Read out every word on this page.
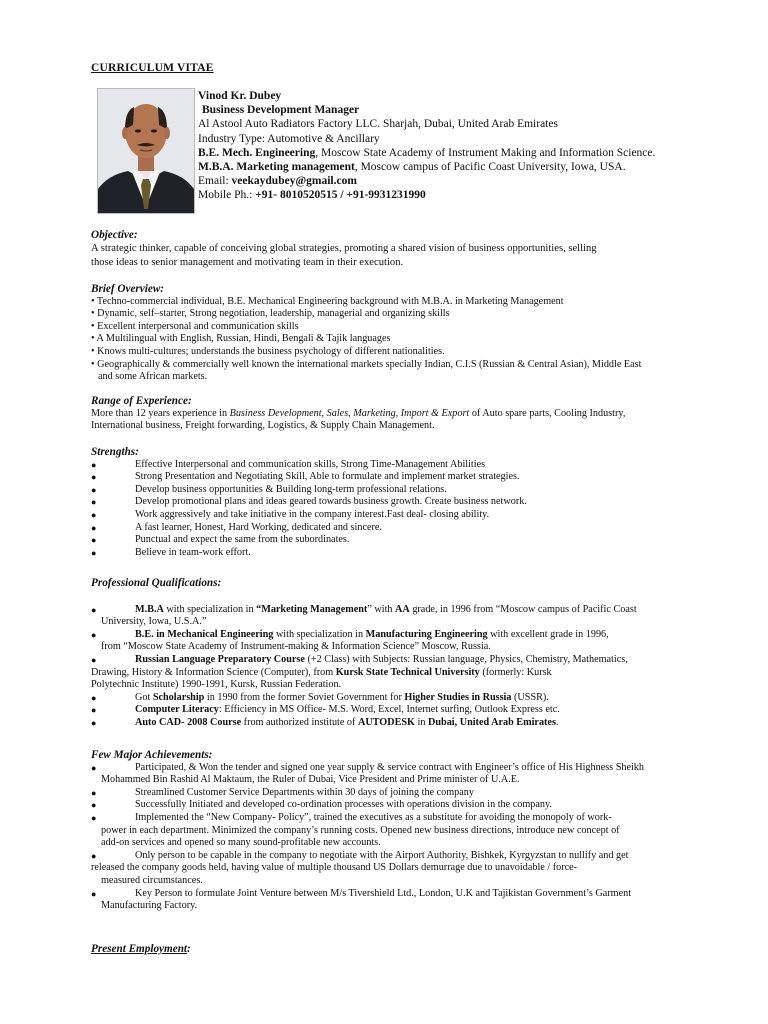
CURRICULUM VITAE
Vinod Kr. Dubey
Business Development Manager
Al Astool Auto Radiators Factory LLC. Sharjah, Dubai, United Arab Emirates
Industry Type: Automotive & Ancillary
B.E. Mech. Engineering, Moscow State Academy of Instrument Making and Information Science.
M.B.A. Marketing management, Moscow campus of Pacific Coast University, Iowa, USA.
Email: veekaydubey@gmail.com
Mobile Ph.: +91- 8010520515 / +91-9931231990
Objective:
A strategic thinker, capable of conceiving global strategies, promoting a shared vision of business opportunities, selling
those ideas to senior management and motivating team in their execution.
Brief Overview:
• Techno-commercial individual, B.E. Mechanical Engineering background with M.B.A. in Marketing Management
• Dynamic, self–starter, Strong negotiation, leadership, managerial and organizing skills
• Excellent interpersonal and communication skills
• A Multilingual with English, Russian, Hindi, Bengali & Tajik languages
• Knows multi-cultures; understands the business psychology of different nationalities.
• Geographically & commercially well known the international markets specially Indian, C.I.S (Russian & Central Asian), Middle East
and some African markets.
Range of Experience:
More than 12 years experience in Business Development, Sales, Marketing, Import & Export of Auto spare parts, Cooling Industry,
International business, Freight forwarding, Logistics, & Supply Chain Management.
Strengths:
●	Effective Interpersonal and communication skills, Strong Time-Management Abilities
●	Strong Presentation and Negotiating Skill, Able to formulate and implement market strategies.
●	Develop business opportunities & Building long-term professional relations.
●	Develop promotional plans and ideas geared towards business growth. Create business network.
●	Work aggressively and take initiative in the company interest.Fast deal- closing ability.
●	A fast learner, Honest, Hard Working, dedicated and sincere.
●	Punctual and expect the same from the subordinates.
●	Believe in team-work effort.
Professional Qualifications:
●	M.B.A with specialization in “Marketing Management” with AA grade, in 1996 from “Moscow campus of Pacific Coast
University, Iowa, U.S.A.”
●	B.E. in Mechanical Engineering with specialization in Manufacturing Engineering with excellent grade in 1996,
from “Moscow State Academy of Instrument-making & Information Science” Moscow, Russia.
●	Russian Language Preparatory Course (+2 Class) with Subjects: Russian language, Physics, Chemistry, Mathematics,
Drawing, History & Information Science (Computer), from Kursk State Technical University (formerly: Kursk
Polytechnic Institute) 1990-1991, Kursk, Russian Federation.
●	Got Scholarship in 1990 from the former Soviet Government for Higher Studies in Russia (USSR).
●	Computer Literacy: Efficiency in MS Office- M.S. Word, Excel, Internet surfing, Outlook Express etc.
●	Auto CAD- 2008 Course from authorized institute of AUTODESK in Dubai, United Arab Emirates.
Few Major Achievements:
●	Participated, & Won the tender and signed one year supply & service contract with Engineer’s office of His Highness Sheikh
Mohammed Bin Rashid Al Maktaum, the Ruler of Dubai, Vice President and Prime minister of U.A.E.
●	Streamlined Customer Service Departments within 30 days of joining the company
●	Successfully Initiated and developed co-ordination processes with operations division in the company.
●	Implemented the “New Company- Policy”, trained the executives as a substitute for avoiding the monopoly of work-
power in each department. Minimized the company’s running costs. Opened new business directions, introduce new concept of
add-on services and opened so many sound-profitable new accounts.
●	Only person to be capable in the company to negotiate with the Airport Authority, Bishkek, Kyrgyzstan to nullify and get
released the company goods held, having value of multiple thousand US Dollars demurrage due to unavoidable / force-
measured circumstances.
●	Key Person to formulate Joint Venture between M/s Tivershield Ltd., London, U.K and Tajikistan Government’s Garment
Manufacturing Factory.
Present Employment:
